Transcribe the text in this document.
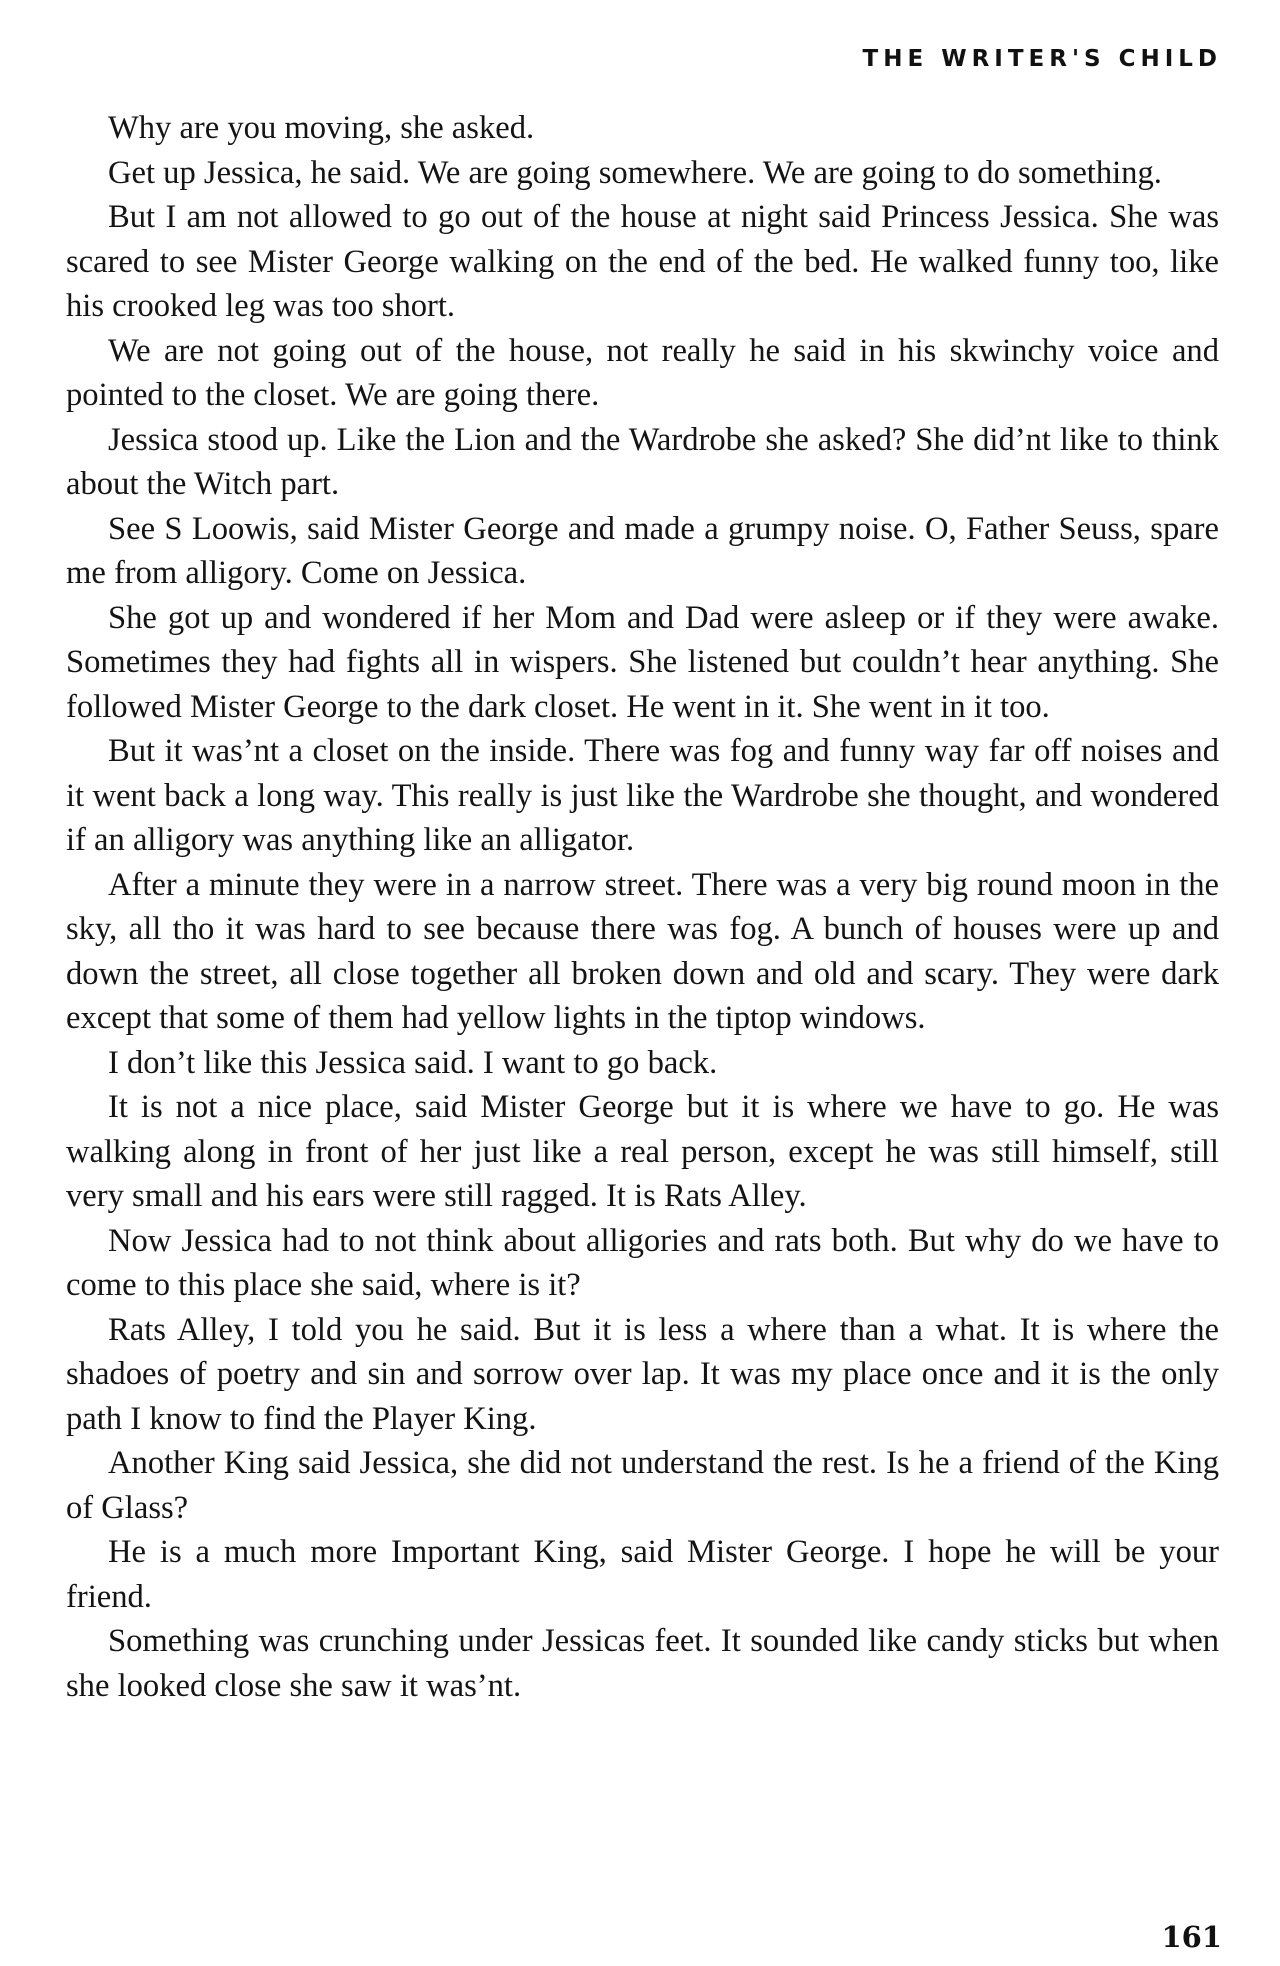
THE WRITER'S CHILD

Why are you moving, she asked.

Get up Jessica, he said. We are going somewhere. We are going to do something.

But I am not allowed to go out of the house at night said Princess Jessica. She was scared to see Mister George walking on the end of the bed. He walked funny too, like his crooked leg was too short.

We are not going out of the house, not really he said in his skwinchy voice and pointed to the closet. We are going there.

Jessica stood up. Like the Lion and the Wardrobe she asked? She did’nt like to think about the Witch part.

See S Loowis, said Mister George and made a grumpy noise. O, Father Seuss, spare me from alligory. Come on Jessica.

She got up and wondered if her Mom and Dad were asleep or if they were awake. Sometimes they had fights all in wispers. She listened but couldn’t hear anything. She followed Mister George to the dark closet. He went in it. She went in it too.

But it was’nt a closet on the inside. There was fog and funny way far off noises and it went back a long way. This really is just like the Wardrobe she thought, and wondered if an alligory was anything like an alligator.

After a minute they were in a narrow street. There was a very big round moon in the sky, all tho it was hard to see because there was fog. A bunch of houses were up and down the street, all close together all broken down and old and scary. They were dark except that some of them had yellow lights in the tiptop windows.

I don’t like this Jessica said. I want to go back.

It is not a nice place, said Mister George but it is where we have to go. He was walking along in front of her just like a real person, except he was still himself, still very small and his ears were still ragged. It is Rats Alley.

Now Jessica had to not think about alligories and rats both. But why do we have to come to this place she said, where is it?

Rats Alley, I told you he said. But it is less a where than a what. It is where the shadoes of poetry and sin and sorrow over lap. It was my place once and it is the only path I know to find the Player King.

Another King said Jessica, she did not understand the rest. Is he a friend of the King of Glass?

He is a much more Important King, said Mister George. I hope he will be your friend.

Something was crunching under Jessicas feet. It sounded like candy sticks but when she looked close she saw it was’nt.

161
